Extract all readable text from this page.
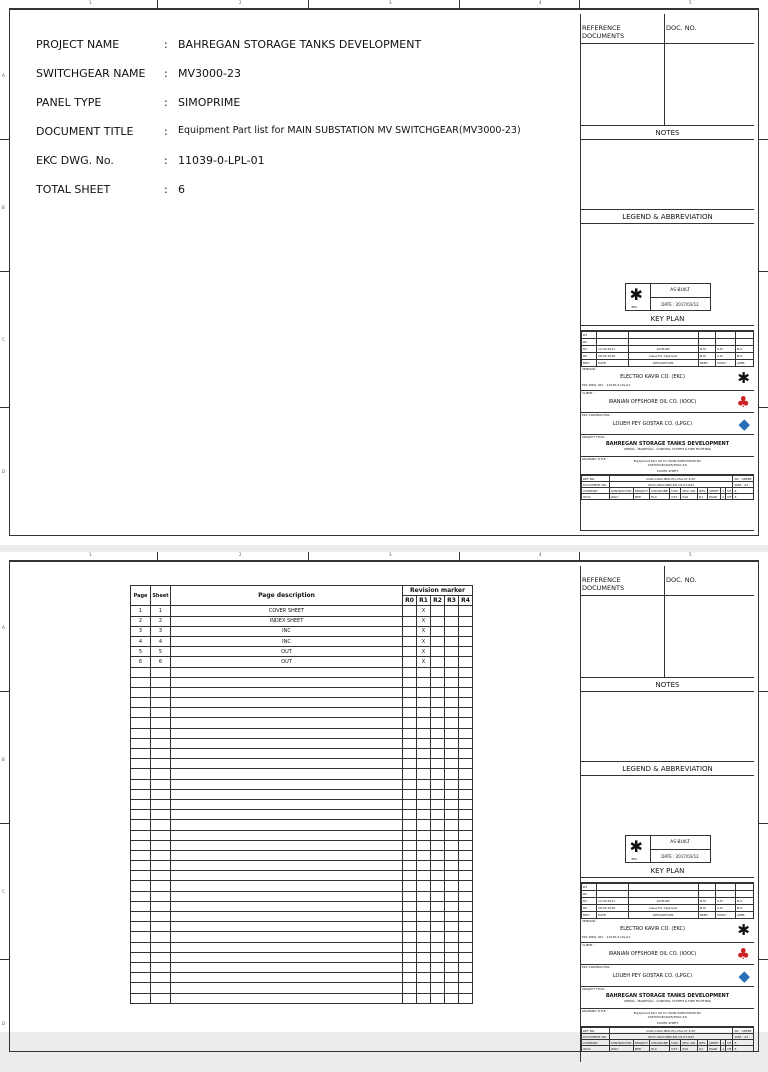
1	2	3	4	5
A
B
C
D
PROJECT NAME	: BAHREGAN STORAGE TANKS DEVELOPMENT
SWITCHGEAR NAME	: MV3000-23
PANEL TYPE	: SIMOPRIME
DOCUMENT TITLE	:	Equipment Part list for MAIN SUBSTATION MV SWITCHGEAR(MV3000-23)
EKC DWG. No.	: 11039-0-LPL-01
TOTAL SHEET	: 6
REFERENCE DOCUMENTS
DOC. NO.
NOTES
LEGEND & ABBREVIATION
✱
EKC
AS-BUILT
DATE : 2017/03/12
KEY PLAN
R3					
R2					
R1	12.03.2017	AS BUILT	M.M	A.M	M.A
R0	28.04.2016	Issue For Approval	M.M	A.M	M.A
REV.	DATE	DESCRIPTION	PREP.	CHKD.	APPR.
VENDOR :
ELECTRO KAVIR CO. (EKC)
EKC DWG. NO. : 11039-0-LPL-01	✱
CLIENT :
IRANIAN OFFSHORE OIL CO. (IOOC)	♣
EPC CONTRACTOR :
LOUEH PEY GOSTAR CO. (LPGC)	◆
PROJECT TITLE :
BAHREGAN STORAGE TANKS DEVELOPMENT
(PIPING , MANIFOLD , CONTROL SYSTEM & FIRE FIGHTING)
DRAWING TITLE :	Equipment Part list for MAIN SUBSTATION MV
SWITCHGEAR(MV3000-23)
COVER SHEET
REF NO.	IOOC-LPGC-BPD-EQ-CSA-07-P-R7									NC : 4858B
DOCUMENT NO.	IOOC-LPGC-BPD-EQ-CS-07-003									SIZE : A3
COMPANY	CONTRACTOR	PROJECT	DISCIPLINE	DOC.	SEQ. NO.	REV.	SHEET	1	OF	6
IOOC	LPGC	BPD	ELC	CST	010	R1	PAGE	1	OF	6
1	2	3	4	5
A
B
C
D
Page	Sheet	Page description	Revision marker				
			R0	R1	R2	R3	R4
1	1	COVER SHEET		X			
2	2	INDEX SHEET		X			
3	3	INC		X			
4	4	INC		X			
5	5	OUT		X			
6	6	OUT		X			

REFERENCE DOCUMENTS
DOC. NO.
NOTES
LEGEND & ABBREVIATION
✱
EKC
AS-BUILT
DATE : 2017/03/12
KEY PLAN
R3					
R2					
R1	12.03.2017	AS BUILT	M.M	A.M	M.A
R0	28.04.2016	Issue For Approval	M.M	A.M	M.A
REV.	DATE	DESCRIPTION	PREP.	CHKD.	APPR.
VENDOR :
ELECTRO KAVIR CO. (EKC)
EKC DWG. NO. : 11039-0-LPL-01	✱
CLIENT :
IRANIAN OFFSHORE OIL CO. (IOOC)	♣
EPC CONTRACTOR :
LOUEH PEY GOSTAR CO. (LPGC)	◆
PROJECT TITLE :
BAHREGAN STORAGE TANKS DEVELOPMENT
(PIPING , MANIFOLD , CONTROL SYSTEM & FIRE FIGHTING)
DRAWING TITLE :	Equipment Part list for MAIN SUBSTATION MV
SWITCHGEAR(MV3000-23)
COVER SHEET
REF NO.	IOOC-LPGC-BPD-EQ-CSA-07-P-R7									NC : 4858B
DOCUMENT NO.	IOOC-LPGC-BPD-EQ-CS-07-003									SIZE : A3
COMPANY	CONTRACTOR	PROJECT	DISCIPLINE	DOC.	SEQ. NO.	REV.	SHEET	1	OF	6
IOOC	LPGC	BPD	ELC	CST	010	R1	PAGE	1	OF	6
